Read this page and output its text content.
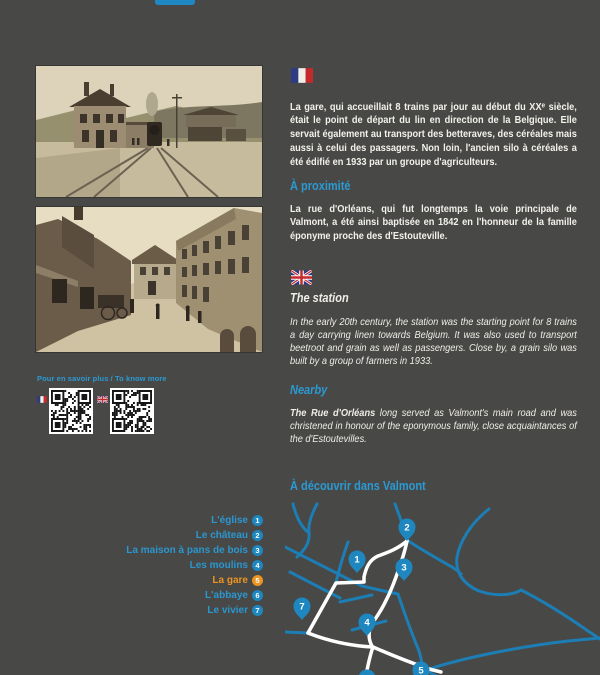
Pour en savoir plus / To know more

La gare, qui accueillait 8 trains par jour au début du XXᵉ siècle, était le point de départ du lin en direction de la Belgique. Elle servait également au transport des betteraves, des céréales mais aussi à celui des passagers. Non loin, l'ancien silo à céréales a été édifié en 1933 par un groupe d'agriculteurs.

À proximité

La rue d'Orléans, qui fut longtemps la voie principale de Valmont, a été ainsi baptisée en 1842 en l'honneur de la famille éponyme proche des d'Estouteville.

The station

In the early 20th century, the station was the starting point for 8 trains a day carrying linen towards Belgium. It was also used to transport beetroot and grain as well as passengers. Close by, a grain silo was built by a group of farmers in 1933.

Nearby

The Rue d'Orléans long served as Valmont's main road and was christened in honour of the eponymous family, close acquaintances of the d'Estoutevilles.

À découvrir dans Valmont
L'église 1
Le château 2
La maison à pans de bois 3
Les moulins 4
La gare 5
L'abbaye 6
Le vivier 7
1
2
3
4
5
7
